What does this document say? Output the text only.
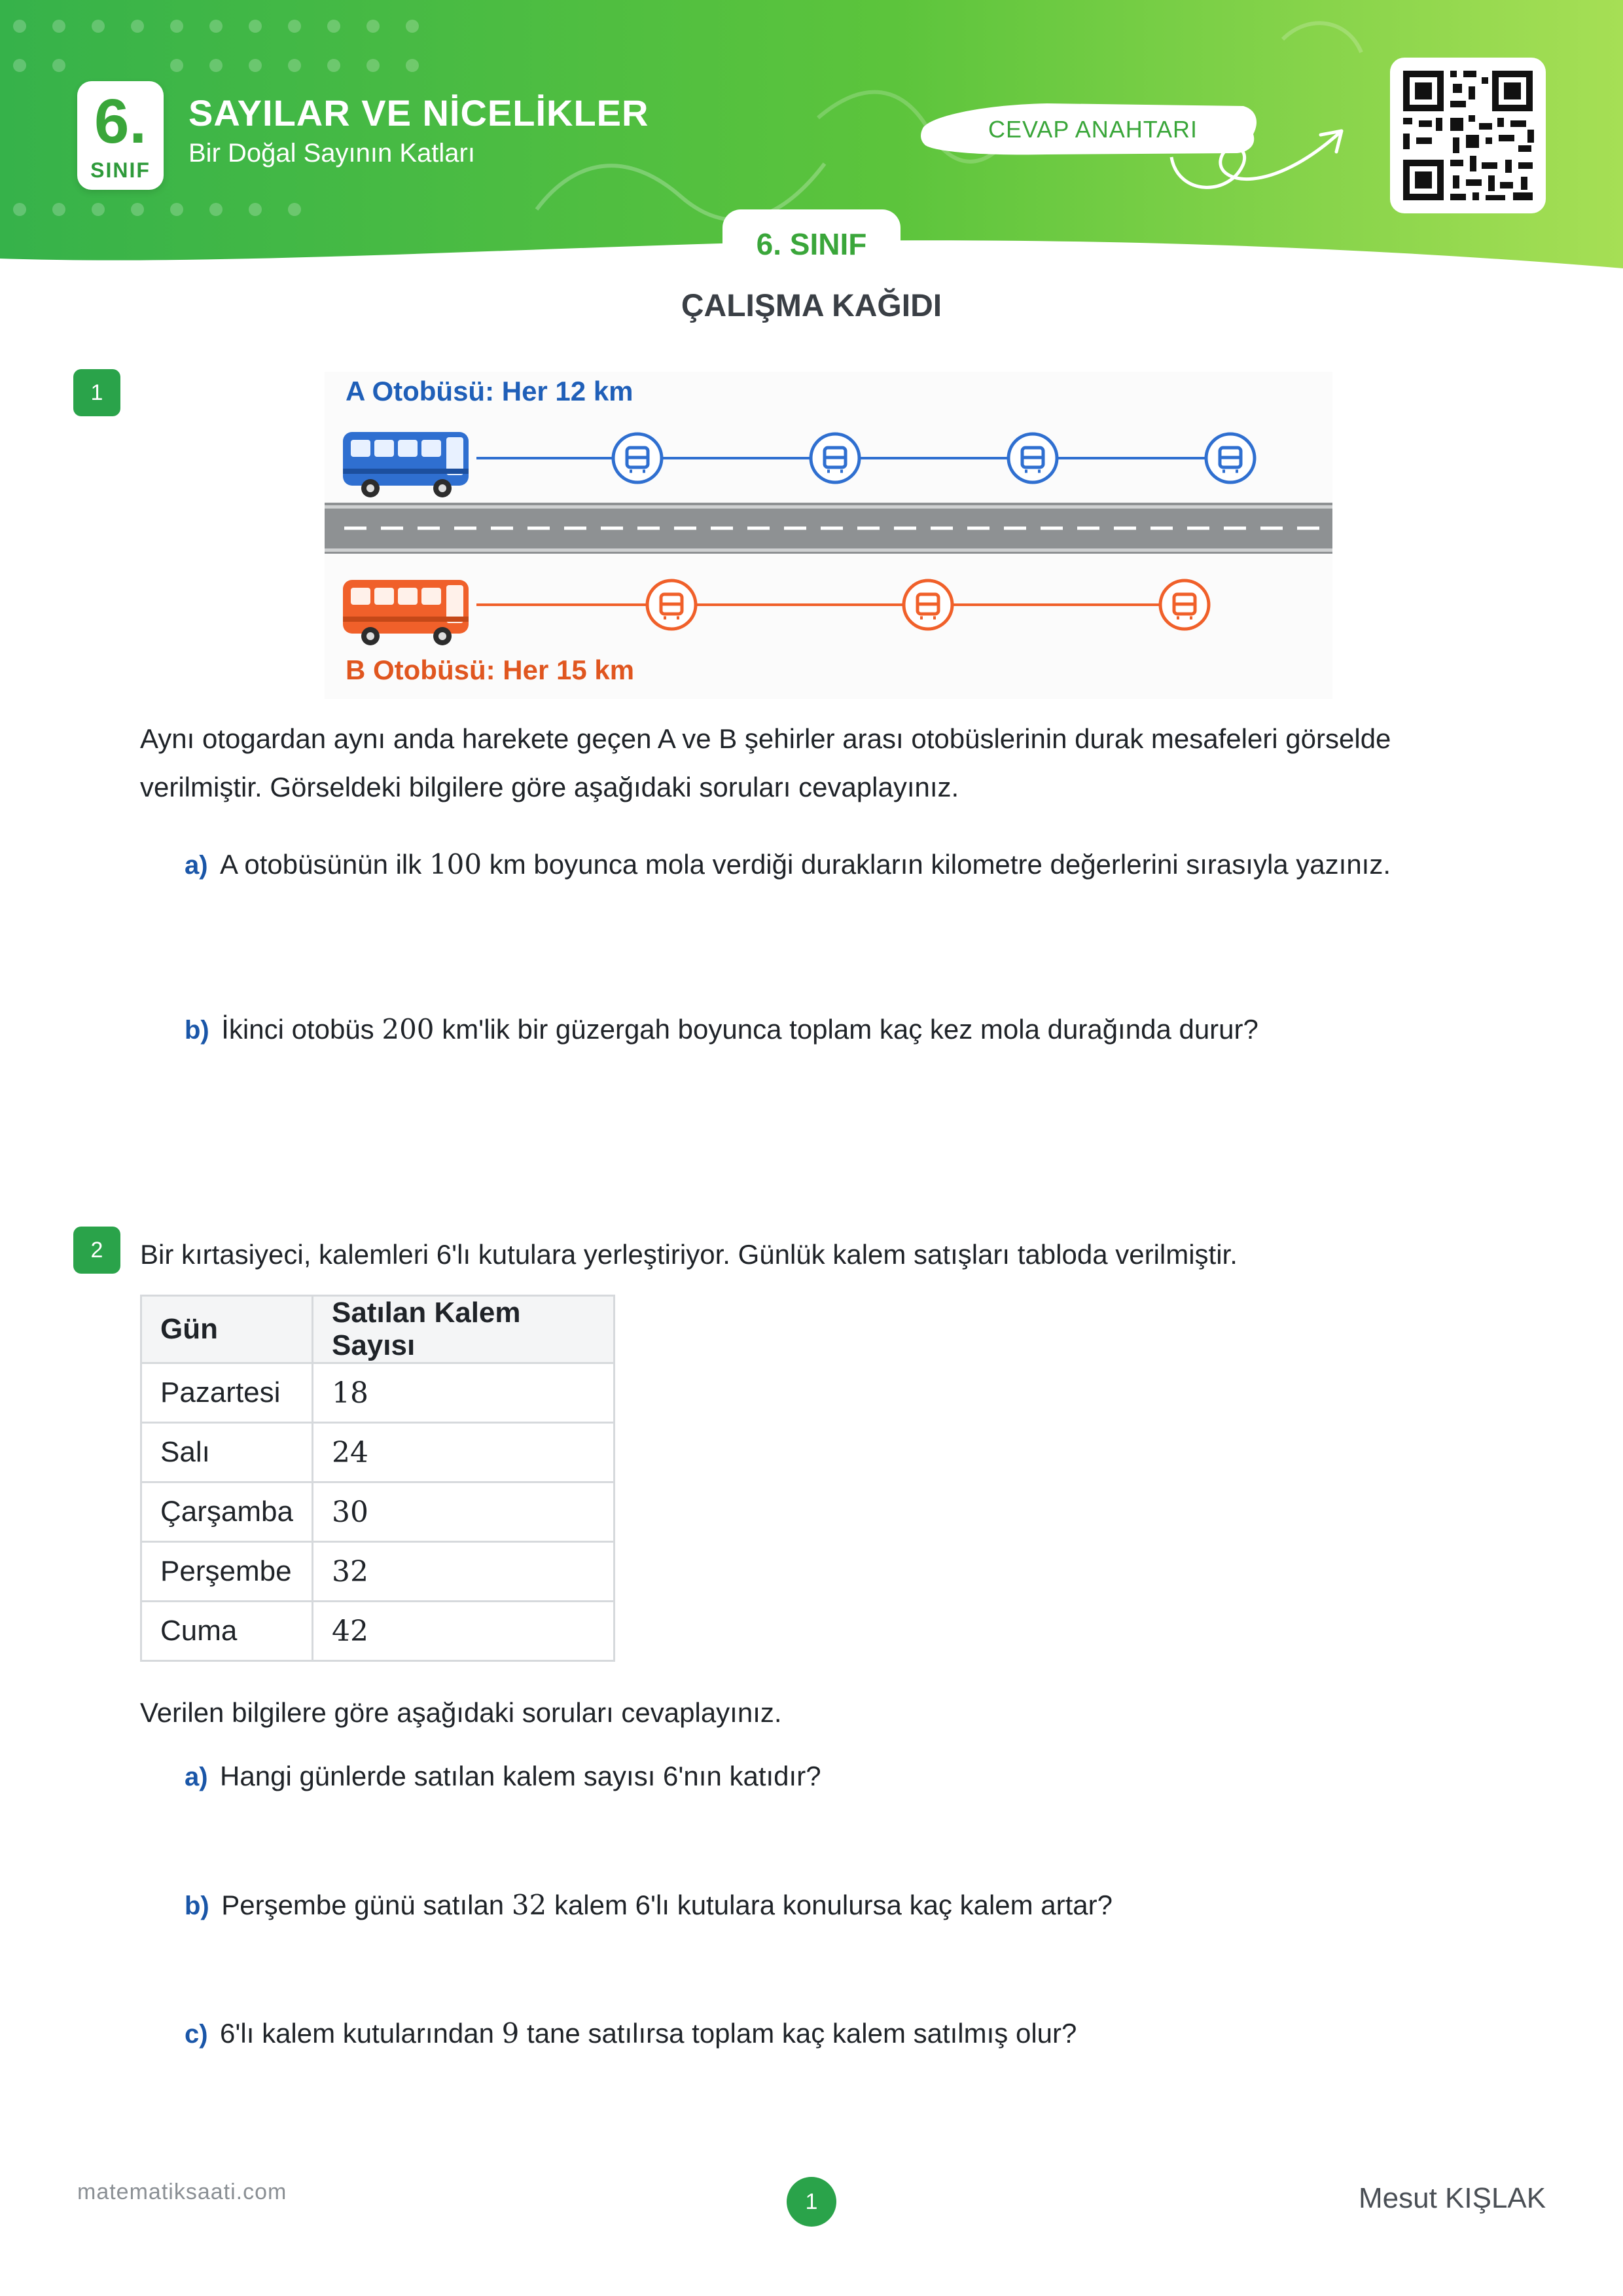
6.
SINIF
SAYILAR VE NİCELİKLER
Bir Doğal Sayının Katları
CEVAP ANAHTARI
6. SINIF
ÇALIŞMA KAĞIDI
1	A Otobüsü: Her 12 km
B Otobüsü: Her 15 km
Aynı otogardan aynı anda harekete geçen A ve B şehirler arası otobüslerinin durak mesafeleri görselde
verilmiştir. Görseldeki bilgilere göre aşağıdaki soruları cevaplayınız.
a) A otobüsünün ilk 100 km boyunca mola verdiği durakların kilometre değerlerini sırasıyla yazınız.
b) İkinci otobüs 200 km'lik bir güzergah boyunca toplam kaç kez mola durağında durur?
2	Bir kırtasiyeci, kalemleri 6'lı kutulara yerleştiriyor. Günlük kalem satışları tabloda verilmiştir.
Gün	Satılan Kalem Sayısı
Pazartesi	18
Salı	24
Çarşamba	30
Perşembe	32
Cuma	42
Verilen bilgilere göre aşağıdaki soruları cevaplayınız.
a) Hangi günlerde satılan kalem sayısı 6'nın katıdır?
b) Perşembe günü satılan 32 kalem 6'lı kutulara konulursa kaç kalem artar?
c) 6'lı kalem kutularından 9 tane satılırsa toplam kaç kalem satılmış olur?
matematiksaati.com	1	Mesut KIŞLAK
